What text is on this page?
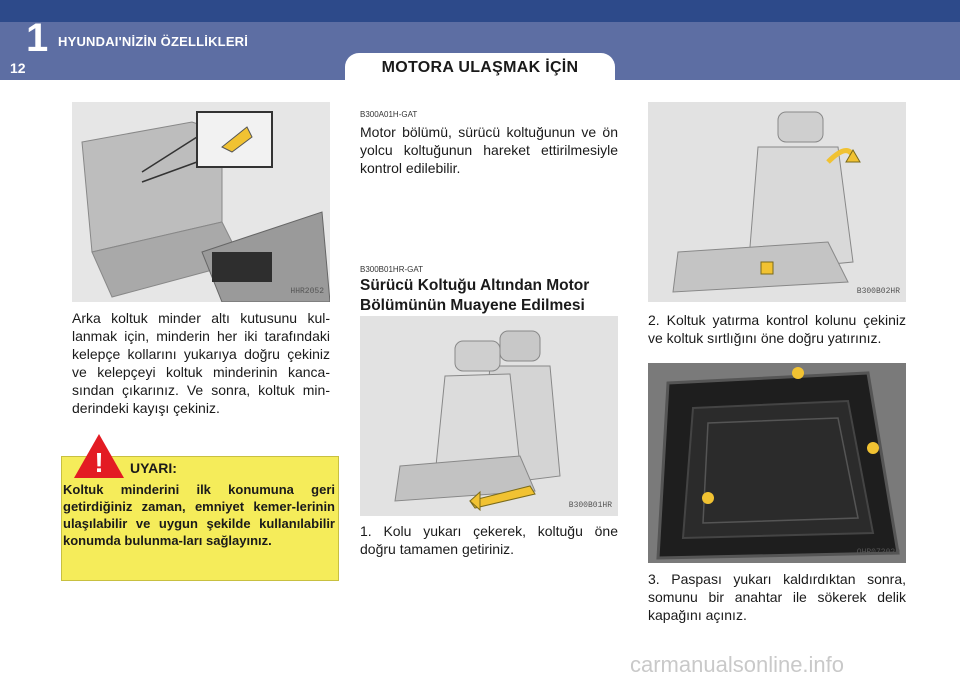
1 HYUNDAI'NİZİN ÖZELLİKLERİ
12	MOTORA ULAŞMAK İÇİN
HHR2052
Arka koltuk minder altı kutusunu kul-lanmak için, minderin her iki tarafındaki kelepçe kollarını yukarıya doğru çekiniz ve kelepçeyi koltuk minderinin kanca-sından çıkarınız. Ve sonra, koltuk min-derindeki kayışı çekiniz.
! UYARI:
Koltuk minderini ilk konumuna geri getirdiğiniz zaman, emniyet kemer-lerinin ulaşılabilir ve uygun şekilde kullanılabilir konumda bulunma-ları sağlayınız.
B300A01H-GAT
Motor bölümü, sürücü koltuğunun ve ön yolcu koltuğunun hareket ettirilmesiyle kontrol edilebilir.
B300B01HR-GAT
Sürücü Koltuğu Altından Motor Bölümünün Muayene Edilmesi
B300B01HR
1. Kolu yukarı çekerek, koltuğu öne doğru tamamen getiriniz.
B300B02HR
2. Koltuk yatırma kontrol kolunu çekiniz ve koltuk sırtlığını öne doğru yatırınız.
OHR072029
3. Paspası yukarı kaldırdıktan sonra, somunu bir anahtar ile sökerek delik kapağını açınız.
carmanualsonline.info
